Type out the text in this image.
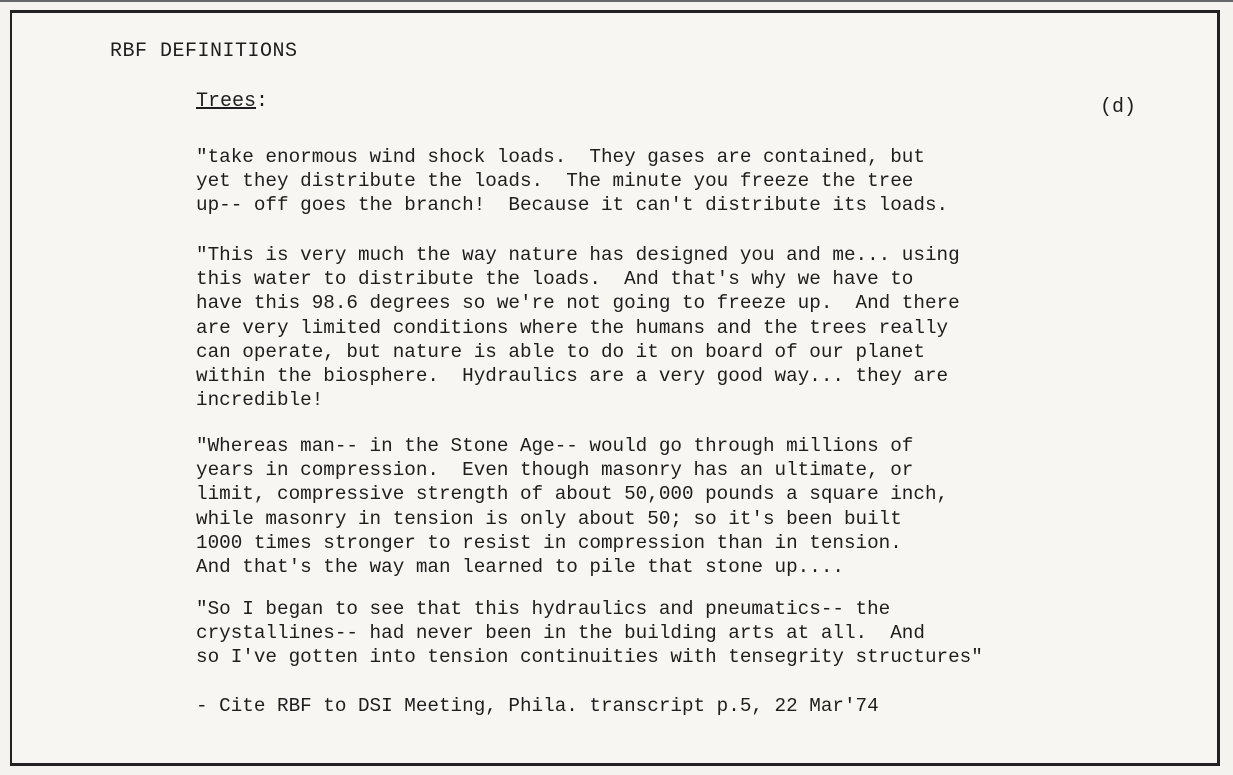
RBF DEFINITIONS
Trees:	(d)

"take enormous wind shock loads.  They gases are contained, but
yet they distribute the loads.  The minute you freeze the tree
up-- off goes the branch!  Because it can't distribute its loads.

"This is very much the way nature has designed you and me... using
this water to distribute the loads.  And that's why we have to
have this 98.6 degrees so we're not going to freeze up.  And there
are very limited conditions where the humans and the trees really
can operate, but nature is able to do it on board of our planet
within the biosphere.  Hydraulics are a very good way... they are
incredible!

"Whereas man-- in the Stone Age-- would go through millions of
years in compression.  Even though masonry has an ultimate, or
limit, compressive strength of about 50,000 pounds a square inch,
while masonry in tension is only about 50; so it's been built
1000 times stronger to resist in compression than in tension.
And that's the way man learned to pile that stone up....

"So I began to see that this hydraulics and pneumatics-- the
crystallines-- had never been in the building arts at all.  And
so I've gotten into tension continuities with tensegrity structures"

- Cite RBF to DSI Meeting, Phila. transcript p.5, 22 Mar'74
